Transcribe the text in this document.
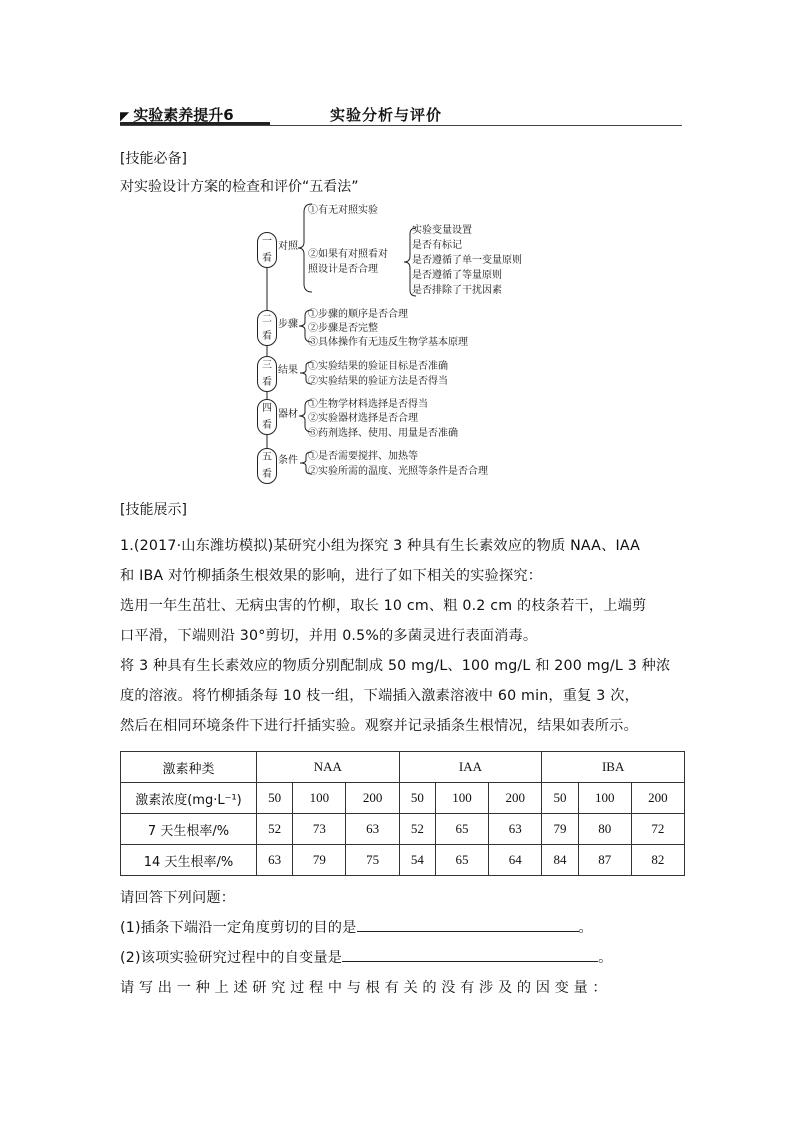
◤ 实验素养提升6	实验分析与评价
[技能必备]
对实验设计方案的检查和评价“五看法”
一
看
对照
①有无对照实验
②如果有对照看对
照设计是否合理
实验变量设置
是否有标记
是否遵循了单一变量原则
是否遵循了等量原则
是否排除了干扰因素
二
看
步骤
①步骤的顺序是否合理
②步骤是否完整
③具体操作有无违反生物学基本原理
三
看
结果 ①实验结果的验证目标是否准确
②实验结果的验证方法是否得当
四
看
器材
①生物学材料选择是否得当
②实验器材选择是否合理
③药剂选择、使用、用量是否准确
五
看
条件 ①是否需要搅拌、加热等
②实验所需的温度、光照等条件是否合理
[技能展示]

1.(2017·山东潍坊模拟)某研究小组为探究 3 种具有生长素效应的物质 NAA、IAA

和 IBA 对竹柳插条生根效果的影响，进行了如下相关的实验探究：

选用一年生茁壮、无病虫害的竹柳，取长 10 cm、粗 0.2 cm 的枝条若干，上端剪

口平滑，下端则沿 30°剪切，并用 0.5%的多菌灵进行表面消毒。

将 3 种具有生长素效应的物质分别配制成 50 mg/L、100 mg/L 和 200 mg/L 3 种浓

度的溶液。将竹柳插条每 10 枝一组，下端插入激素溶液中 60 min，重复 3 次，

然后在相同环境条件下进行扦插实验。观察并记录插条生根情况，结果如表所示。

激素种类	NAA			IAA			IBA		
激素浓度(mg·L⁻¹)	50	100	200	50	100	200	50	100	200
7 天生根率/%	52	73	63	52	65	63	79	80	72
14 天生根率/%	63	79	75	54	65	64	84	87	82

请回答下列问题：

(1)插条下端沿一定角度剪切的目的是	。

(2)该项实验研究过程中的自变量是	。

请 写 出 一 种 上 述 研 究 过 程 中 与 根 有 关 的 没 有 涉 及 的 因 变 量 ：
